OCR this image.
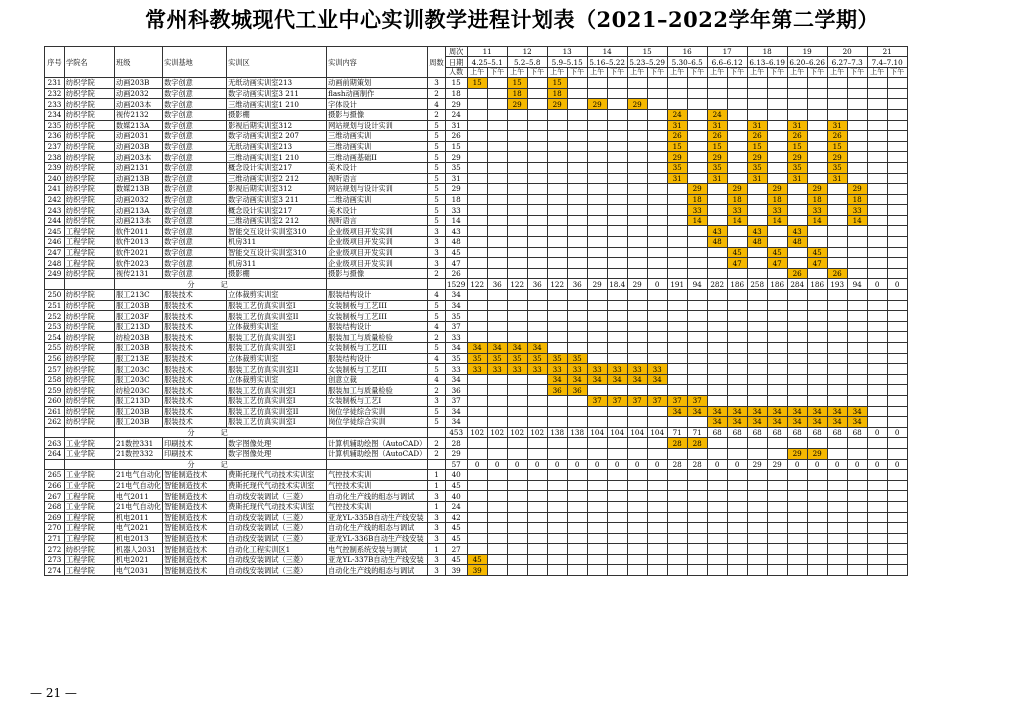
常州科教城现代工业中心实训教学进程计划表（2021–2022学年第二学期）
序号	学院名	班级	实训基地	实训区	实训内容	周数	周次	11		12		13		14		15		16		17		18		19		20		21	
							日期	4.25–5.1		5.2–5.8		5.9–5.15		5.16–5.22		5.23–5.29		5.30–6.5		6.6–6.12		6.13–6.19		6.20–6.26		6.27–7.3		7.4–7.10	
							人数	上午	下午	上午	下午	上午	下午	上午	下午	上午	下午	上午	下午	上午	下午	上午	下午	上午	下午	上午	下午	上午	下午
231	纺织学院	动画203B	数字创意	无纸动画实训室213	动画前期策划	3	15	15		15		15																	
232	纺织学院	动画2032	数字创意	数字动画实训室3 211	flash动画制作	2	18			18		18																	
233	纺织学院	动画203本	数字创意	三维动画实训室1 210	字体设计	4	29			29		29		29		29													
234	纺织学院	视传2132	数字创意	摄影棚	摄影与摄像	2	24											24		24									
235	纺织学院	数媒213A	数字创意	影视后期实训室312	网站规划与设计实训	5	31											31		31		31		31		31			
236	纺织学院	动画2031	数字创意	数字动画实训室2 207	三维动画实训	5	26											26		26		26		26		26			
237	纺织学院	动画203B	数字创意	无纸动画实训室213	三维动画实训	5	15											15		15		15		15		15			
238	纺织学院	动画203本	数字创意	三维动画实训室1 210	三维动画基础II	5	29											29		29		29		29		29			
239	纺织学院	动画2131	数字创意	概念设计实训室217	美术设计	5	35											35		35		35		35		35			
240	纺织学院	动画213B	数字创意	三维动画实训室2 212	视听语言	5	31											31		31		31		31		31			
241	纺织学院	数媒213B	数字创意	影视后期实训室312	网站规划与设计实训	5	29												29		29		29		29		29		
242	纺织学院	动画2032	数字创意	数字动画实训室3 211	二维动画实训	5	18												18		18		18		18		18		
243	纺织学院	动画213A	数字创意	概念设计实训室217	美术设计	5	33												33		33		33		33		33		
244	纺织学院	动画213本	数字创意	三维动画实训室2 212	视听语言	5	14												14		14		14		14		14		
245	工程学院	软件2011	数字创意	智能交互设计实训室310	企业级项目开发实训	3	43													43		43		43					
246	工程学院	软件2013	数字创意	机房311	企业级项目开发实训	3	48													48		48		48					
247	工程学院	软件2021	数字创意	智能交互设计实训室310	企业级项目开发实训	3	45														45		45		45				
248	工程学院	软件2023	数字创意	机房311	企业级项目开发实训	3	47														47		47		47				
249	纺织学院	视传2131	数字创意	摄影棚	摄影与摄像	2	26																	26		26			
		分记					1529	122	36	122	36	122	36	29	18.4	29	0	191	94	282	186	258	186	284	186	193	94	0	0
250	纺织学院	服工213C	服装技术	立体裁剪实训室	服装结构设计	4	34																						
251	纺织学院	服工203B	服装技术	服装工艺仿真实训室I	女装制板与工艺III	5	34																						
252	纺织学院	服工203F	服装技术	服装工艺仿真实训室II	女装制板与工艺III	5	35																						
253	纺织学院	服工213D	服装技术	立体裁剪实训室	服装结构设计	4	37																						
254	纺织学院	纺检203B	服装技术	服装工艺仿真实训室I	服装加工与质量检验	2	33																						
255	纺织学院	服工203B	服装技术	服装工艺仿真实训室I	女装制板与工艺III	5	34	34	34	34	34																		
256	纺织学院	服工213E	服装技术	立体裁剪实训室	服装结构设计	4	35	35	35	35	35	35	35																
257	纺织学院	服工203C	服装技术	服装工艺仿真实训室II	女装制板与工艺III	5	33	33	33	33	33	33	33	33	33	33	33												
258	纺织学院	服工203C	服装技术	立体裁剪实训室	创意立裁	4	34					34	34	34	34	34	34												
259	纺织学院	纺检203C	服装技术	服装工艺仿真实训室I	服装加工与质量检验	2	36					36	36																
260	纺织学院	服工213D	服装技术	服装工艺仿真实训室I	女装制板与工艺I	3	37							37	37	37	37	37	37										
261	纺织学院	服工203B	服装技术	服装工艺仿真实训室II	岗位学徒综合实训	5	34											34	34	34	34	34	34	34	34	34	34		
262	纺织学院	服工203B	服装技术	服装工艺仿真实训室I	岗位学徒综合实训	5	34													34	34	34	34	34	34	34	34		
		分记					453	102	102	102	102	138	138	104	104	104	104	71	71	68	68	68	68	68	68	68	68	0	0
263	工业学院	21数控331	印刷技术	数字图像处理	计算机辅助绘图（AutoCAD）	2	28											28	28										
264	工业学院	21数控332	印刷技术	数字图像处理	计算机辅助绘图（AutoCAD）	2	29																	29	29				
		分记					57	0	0	0	0	0	0	0	0	0	0	28	28	0	0	29	29	0	0	0	0	0	0
265	工业学院	21电气自动化	智能制造技术	费斯托现代气动技术实训室	气控技术实训	1	40																						
266	工业学院	21电气自动化	智能制造技术	费斯托现代气动技术实训室	气控技术实训	1	45																						
267	工程学院	电气2011	智能制造技术	自动线安装调试（三菱）	自动化生产线的组态与调试	3	40																						
268	工业学院	21电气自动化	智能制造技术	费斯托现代气动技术实训室	气控技术实训	1	24																						
269	工程学院	机电2011	智能制造技术	自动线安装调试（三菱）	亚龙YL-335B自动生产线安装	3	42																						
270	工程学院	电气2021	智能制造技术	自动线安装调试（三菱）	自动化生产线的组态与调试	3	45																						
271	工程学院	机电2013	智能制造技术	自动线安装调试（三菱）	亚龙YL-336B自动生产线安装	3	45																						
272	纺织学院	机器人2031	智能制造技术	自动化工程实训区1	电气控制系统安装与调试	1	27																						
273	工程学院	机电2021	智能制造技术	自动线安装调试（三菱）	亚龙YL-337B自动生产线安装	3	45	45																					
274	工程学院	电气2031	智能制造技术	自动线安装调试（三菱）	自动化生产线的组态与调试	3	39	39																					
— 21 —
